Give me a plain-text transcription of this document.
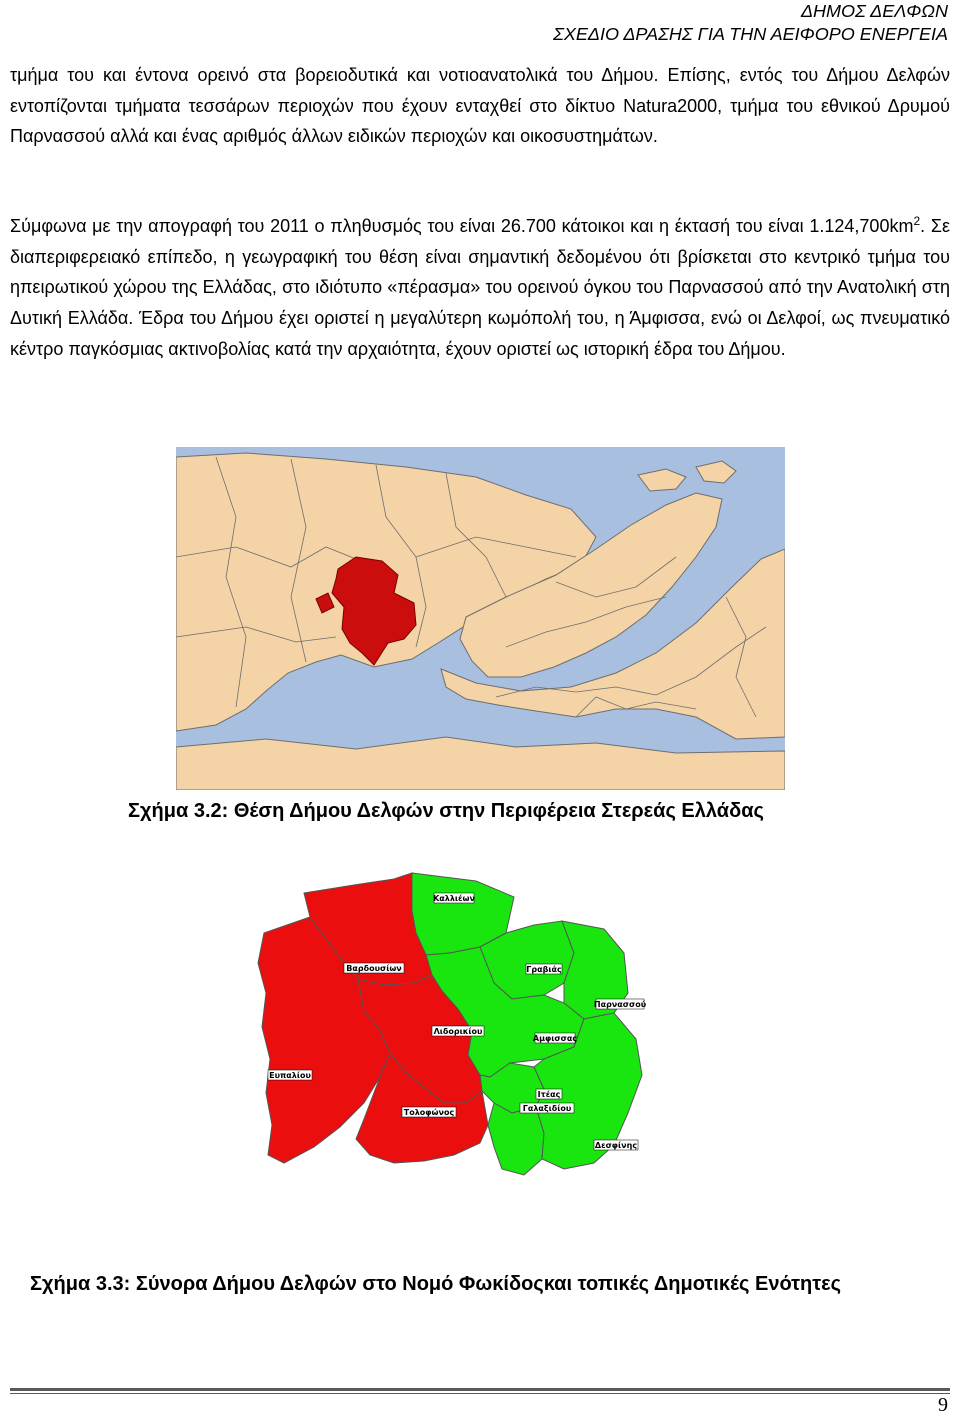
ΔΗΜΟΣ ΔΕΛΦΩΝ
ΣΧΕΔΙΟ ΔΡΑΣΗΣ ΓΙΑ ΤΗΝ ΑΕΙΦΟΡΟ ΕΝΕΡΓΕΙΑ

τμήμα του και έντονα ορεινό στα βορειοδυτικά και νοτιοανατολικά του Δήμου. Επίσης, εντός του Δήμου Δελφών εντοπίζονται τμήματα τεσσάρων περιοχών που έχουν ενταχθεί στο δίκτυο Natura2000, τμήμα του εθνικού Δρυμού Παρνασσού αλλά και ένας αριθμός άλλων ειδικών περιοχών και οικοσυστημάτων.

Σύμφωνα με την απογραφή του 2011 ο πληθυσμός του είναι 26.700 κάτοικοι και η έκτασή του είναι $1.124,700km^2$. Σε διαπεριφερειακό επίπεδο, η γεωγραφική του θέση είναι σημαντική δεδομένου ότι βρίσκεται στο κεντρικό τμήμα του ηπειρωτικού χώρου της Ελλάδας, στο ιδιότυπο «πέρασμα» του ορεινού όγκου του Παρνασσού από την Ανατολική στη Δυτική Ελλάδα. Έδρα του Δήμου έχει οριστεί η μεγαλύτερη κωμόπολή του, η Άμφισσα, ενώ οι Δελφοί, ως πνευματικό κέντρο παγκόσμιας ακτινοβολίας κατά την αρχαιότητα, έχουν οριστεί ως ιστορική έδρα του Δήμου.

Σχήμα 3.2: Θέση Δήμου Δελφών στην Περιφέρεια Στερεάς Ελλάδας
Καλλιέων
Βαρδουσίων	Γραβιάς
Παρνασσού
Λιδορικίου
Αμφισσας
Ευπαλίου
Ιτέας
Γαλαξιδίου
Τολοφώνος
Δεσφίνης
Σχήμα 3.3: Σύνορα Δήμου Δελφών στο Νομό Φωκίδοςκαι τοπικές Δημοτικές Ενότητες
9
